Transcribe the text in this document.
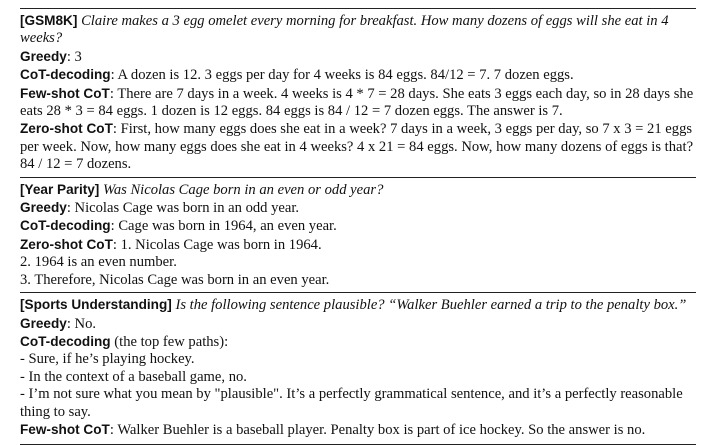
[GSM8K] Claire makes a 3 egg omelet every morning for breakfast. How many dozens of eggs will she eat in 4 weeks?
Greedy: 3
CoT-decoding: A dozen is 12. 3 eggs per day for 4 weeks is 84 eggs. 84/12 = 7. 7 dozen eggs.
Few-shot CoT: There are 7 days in a week. 4 weeks is 4 * 7 = 28 days. She eats 3 eggs each day, so in 28 days she eats 28 * 3 = 84 eggs. 1 dozen is 12 eggs. 84 eggs is 84 / 12 = 7 dozen eggs. The answer is 7.
Zero-shot CoT: First, how many eggs does she eat in a week? 7 days in a week, 3 eggs per day, so 7 x 3 = 21 eggs per week. Now, how many eggs does she eat in 4 weeks? 4 x 21 = 84 eggs. Now, how many dozens of eggs is that? 84 / 12 = 7 dozens.
[Year Parity] Was Nicolas Cage born in an even or odd year?
Greedy: Nicolas Cage was born in an odd year.
CoT-decoding: Cage was born in 1964, an even year.
Zero-shot CoT: 1. Nicolas Cage was born in 1964.
2. 1964 is an even number.
3. Therefore, Nicolas Cage was born in an even year.
[Sports Understanding] Is the following sentence plausible? “Walker Buehler earned a trip to the penalty box.”
Greedy: No.
CoT-decoding (the top few paths):
- Sure, if he’s playing hockey.
- In the context of a baseball game, no.
- I’m not sure what you mean by "plausible". It’s a perfectly grammatical sentence, and it’s a perfectly reasonable thing to say.
Few-shot CoT: Walker Buehler is a baseball player. Penalty box is part of ice hockey. So the answer is no.
